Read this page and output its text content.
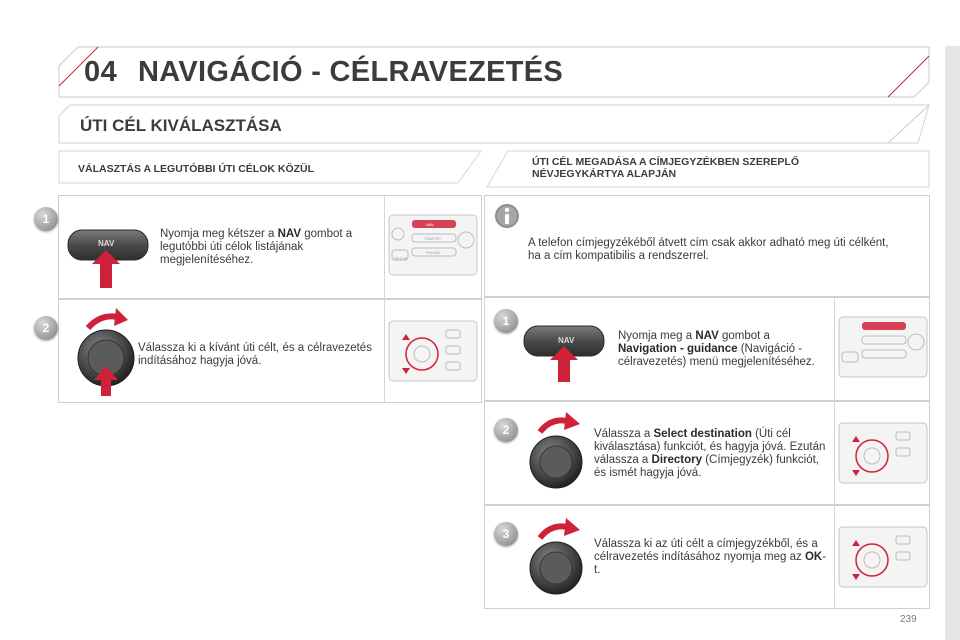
04 NAVIGÁCIÓ - CÉLRAVEZETÉS
ÚTI CÉL KIVÁLASZTÁSA
VÁLASZTÁS A LEGUTÓBBI ÚTI CÉLOK KÖZÜL
ÚTI CÉL MEGADÁSA A CÍMJEGYZÉKBEN SZEREPLŐ NÉVJEGYKÁRTYA ALAPJÁN
1
2
NAV
Nyomja meg kétszer a NAV gombot a legutóbbi úti célok listájának megjelenítéséhez.
Válassza ki a kívánt úti célt, és a célravezetés indításához hagyja jóvá.
NAV
TRAFFIC
PHONE
SETUP
A telefon címjegyzékéből átvett cím csak akkor adható meg úti célként, ha a cím kompatibilis a rendszerrel.
1
2
3
NAV	Nyomja meg a NAV gombot a Navigation - guidance (Navigáció - célravezetés) menü megjelenítéséhez.
Válassza a Select destination (Úti cél kiválasztása) funkciót, és hagyja jóvá. Ezután válassza a Directory (Címjegyzék) funkciót, és ismét hagyja jóvá.
Válassza ki az úti célt a címjegyzékből, és a célravezetés indításához nyomja meg az OK-t.
239
